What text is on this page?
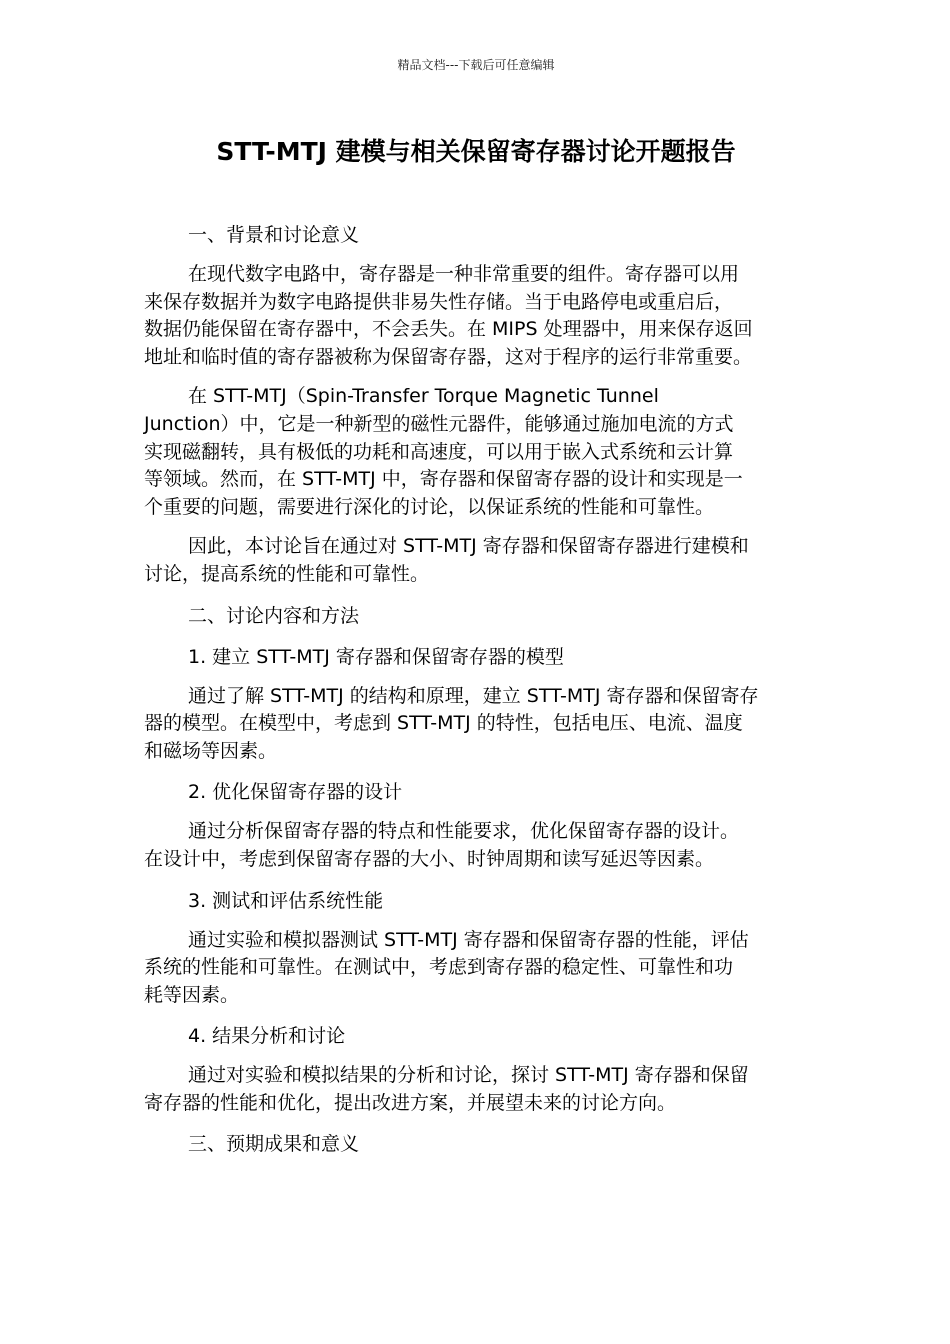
精品文档---下载后可任意编辑
STT-MTJ 建模与相关保留寄存器讨论开题报告
一、背景和讨论意义
在现代数字电路中，寄存器是一种非常重要的组件。寄存器可以用
来保存数据并为数字电路提供非易失性存储。当于电路停电或重启后，
数据仍能保留在寄存器中，不会丢失。在 MIPS 处理器中，用来保存返回
地址和临时值的寄存器被称为保留寄存器，这对于程序的运行非常重要。
在 STT-MTJ（Spin-Transfer Torque Magnetic Tunnel
Junction）中，它是一种新型的磁性元器件，能够通过施加电流的方式
实现磁翻转，具有极低的功耗和高速度，可以用于嵌入式系统和云计算
等领域。然而，在 STT-MTJ 中，寄存器和保留寄存器的设计和实现是一
个重要的问题，需要进行深化的讨论，以保证系统的性能和可靠性。
因此，本讨论旨在通过对 STT-MTJ 寄存器和保留寄存器进行建模和
讨论，提高系统的性能和可靠性。
二、讨论内容和方法
1. 建立 STT-MTJ 寄存器和保留寄存器的模型
通过了解 STT-MTJ 的结构和原理，建立 STT-MTJ 寄存器和保留寄存
器的模型。在模型中，考虑到 STT-MTJ 的特性，包括电压、电流、温度
和磁场等因素。
2. 优化保留寄存器的设计
通过分析保留寄存器的特点和性能要求，优化保留寄存器的设计。
在设计中，考虑到保留寄存器的大小、时钟周期和读写延迟等因素。
3. 测试和评估系统性能
通过实验和模拟器测试 STT-MTJ 寄存器和保留寄存器的性能，评估
系统的性能和可靠性。在测试中，考虑到寄存器的稳定性、可靠性和功
耗等因素。
4. 结果分析和讨论
通过对实验和模拟结果的分析和讨论，探讨 STT-MTJ 寄存器和保留
寄存器的性能和优化，提出改进方案，并展望未来的讨论方向。
三、预期成果和意义
